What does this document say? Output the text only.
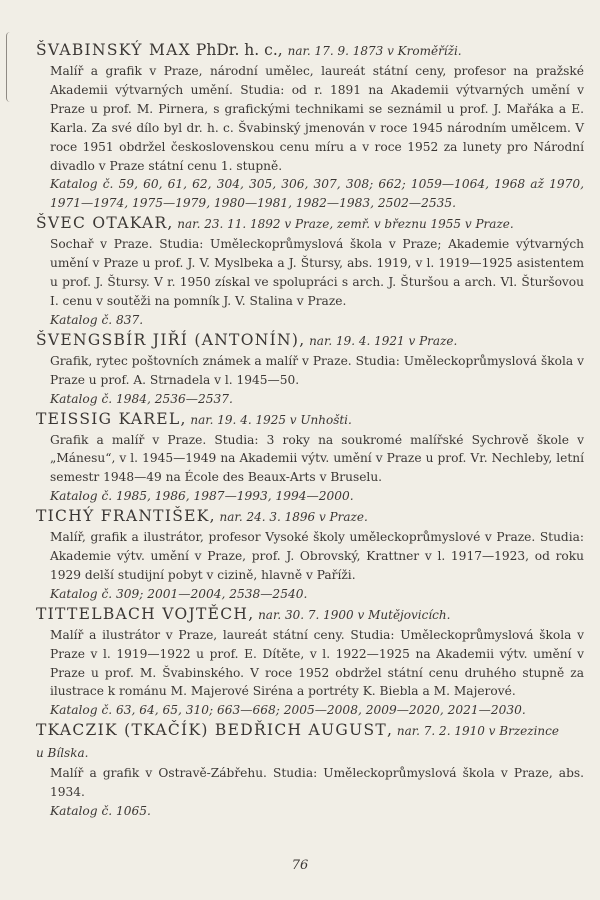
ŠVABINSKÝ MAX PhDr. h. c., nar. 17. 9. 1873 v Kroměříži.

Malíř a grafik v Praze, národní umělec, laureát státní ceny, profesor na pražské Akademii výtvarných umění. Studia: od r. 1891 na Akademii výtvarných umění v Praze u prof. M. Pirnera, s grafickými technikami se seznámil u prof. J. Mařáka a E. Karla. Za své dílo byl dr. h. c. Švabinský jmenován v roce 1945 národním umělcem. V roce 1951 obdržel československou cenu míru a v roce 1952 za lunety pro Národní divadlo v Praze státní cenu 1. stupně.

Katalog č. 59, 60, 61, 62, 304, 305, 306, 307, 308; 662; 1059—1064, 1968 až 1970, 1971—1974, 1975—1979, 1980—1981, 1982—1983, 2502—2535.

ŠVEC OTAKAR, nar. 23. 11. 1892 v Praze, zemř. v březnu 1955 v Praze.

Sochař v Praze. Studia: Uměleckoprůmyslová škola v Praze; Akademie výtvarných umění v Praze u prof. J. V. Myslbeka a J. Štursy, abs. 1919, v l. 1919—1925 asistentem u prof. J. Štursy. V r. 1950 získal ve spolupráci s arch. J. Šturšou a arch. Vl. Šturšovou I. cenu v soutěži na pomník J. V. Stalina v Praze.

Katalog č. 837.

ŠVENGSBÍR JIŘÍ (ANTONÍN), nar. 19. 4. 1921 v Praze.

Grafik, rytec poštovních známek a malíř v Praze. Studia: Uměleckoprůmyslová škola v Praze u prof. A. Strnadela v l. 1945—50.

Katalog č. 1984, 2536—2537.

TEISSIG KAREL, nar. 19. 4. 1925 v Unhošti.

Grafik a malíř v Praze. Studia: 3 roky na soukromé malířské Sychrově škole v „Mánesu“, v l. 1945—1949 na Akademii výtv. umění v Praze u prof. Vr. Nechleby, letní semestr 1948—49 na École des Beaux-Arts v Bruselu.

Katalog č. 1985, 1986, 1987—1993, 1994—2000.

TICHÝ FRANTIŠEK, nar. 24. 3. 1896 v Praze.

Malíř, grafik a ilustrátor, profesor Vysoké školy uměleckoprůmyslové v Praze. Studia: Akademie výtv. umění v Praze, prof. J. Obrovský, Krattner v l. 1917—1923, od roku 1929 delší studijní pobyt v cizině, hlavně v Paříži.

Katalog č. 309; 2001—2004, 2538—2540.

TITTELBACH VOJTĚCH, nar. 30. 7. 1900 v Mutějovicích.

Malíř a ilustrátor v Praze, laureát státní ceny. Studia: Uměleckoprůmyslová škola v Praze v l. 1919—1922 u prof. E. Dítěte, v l. 1922—1925 na Akademii výtv. umění v Praze u prof. M. Švabinského. V roce 1952 obdržel státní cenu druhého stupně za ilustrace k románu M. Majerové Siréna a portréty K. Biebla a M. Majerové.

Katalog č. 63, 64, 65, 310; 663—668; 2005—2008, 2009—2020, 2021—2030.

TKACZIK (TKAČÍK) BEDŘICH AUGUST, nar. 7. 2. 1910 v Brzezince

u Bílska.

Malíř a grafik v Ostravě-Zábřehu. Studia: Uměleckoprůmyslová škola v Praze, abs. 1934.

Katalog č. 1065.

76
